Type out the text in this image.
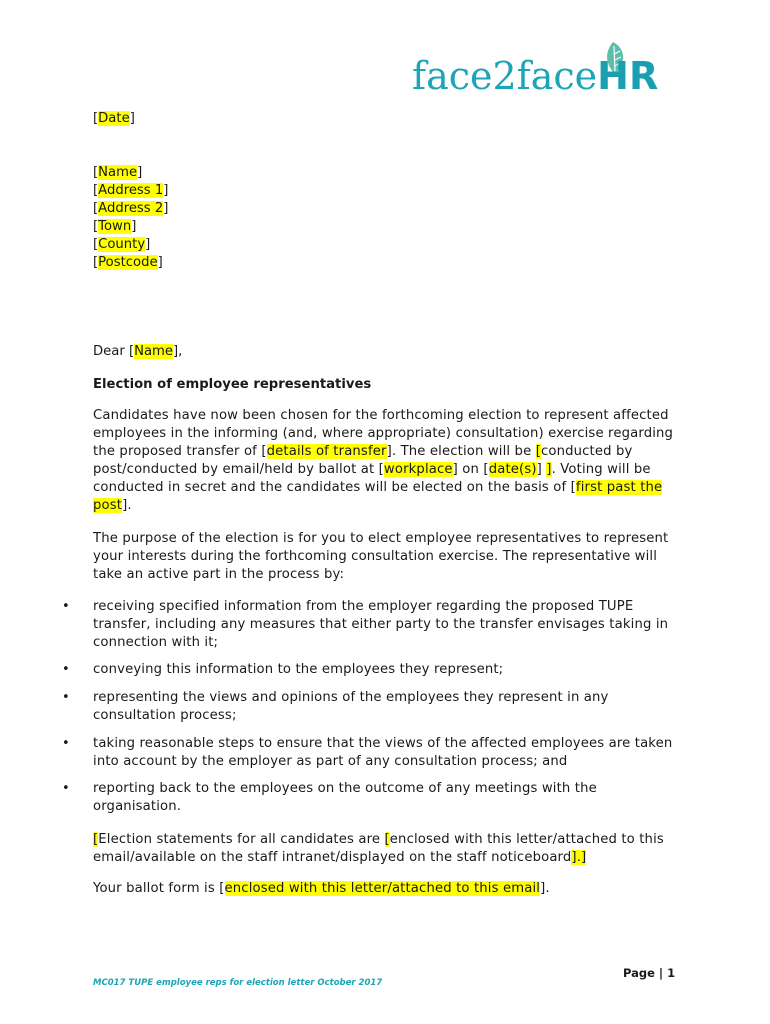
face2faceHR
[Date]
[Name]
[Address 1]
[Address 2]
[Town]
[County]
[Postcode]
Dear [Name],
Election of employee representatives
Candidates have now been chosen for the forthcoming election to represent affected employees in the informing (and, where appropriate) consultation) exercise regarding the proposed transfer of [details of transfer]. The election will be [conducted by post/conducted by email/held by ballot at [workplace] on [date(s)] ]. Voting will be conducted in secret and the candidates will be elected on the basis of [first past the post].
The purpose of the election is for you to elect employee representatives to represent your interests during the forthcoming consultation exercise. The representative will take an active part in the process by:
• receiving specified information from the employer regarding the proposed TUPE transfer, including any measures that either party to the transfer envisages taking in connection with it;
• conveying this information to the employees they represent;
• representing the views and opinions of the employees they represent in any consultation process;
• taking reasonable steps to ensure that the views of the affected employees are taken into account by the employer as part of any consultation process; and
• reporting back to the employees on the outcome of any meetings with the organisation.
[Election statements for all candidates are [enclosed with this letter/attached to this email/available on the staff intranet/displayed on the staff noticeboard].]
Your ballot form is [enclosed with this letter/attached to this email].
Page | 1
MC017 TUPE employee reps for election letter October 2017
